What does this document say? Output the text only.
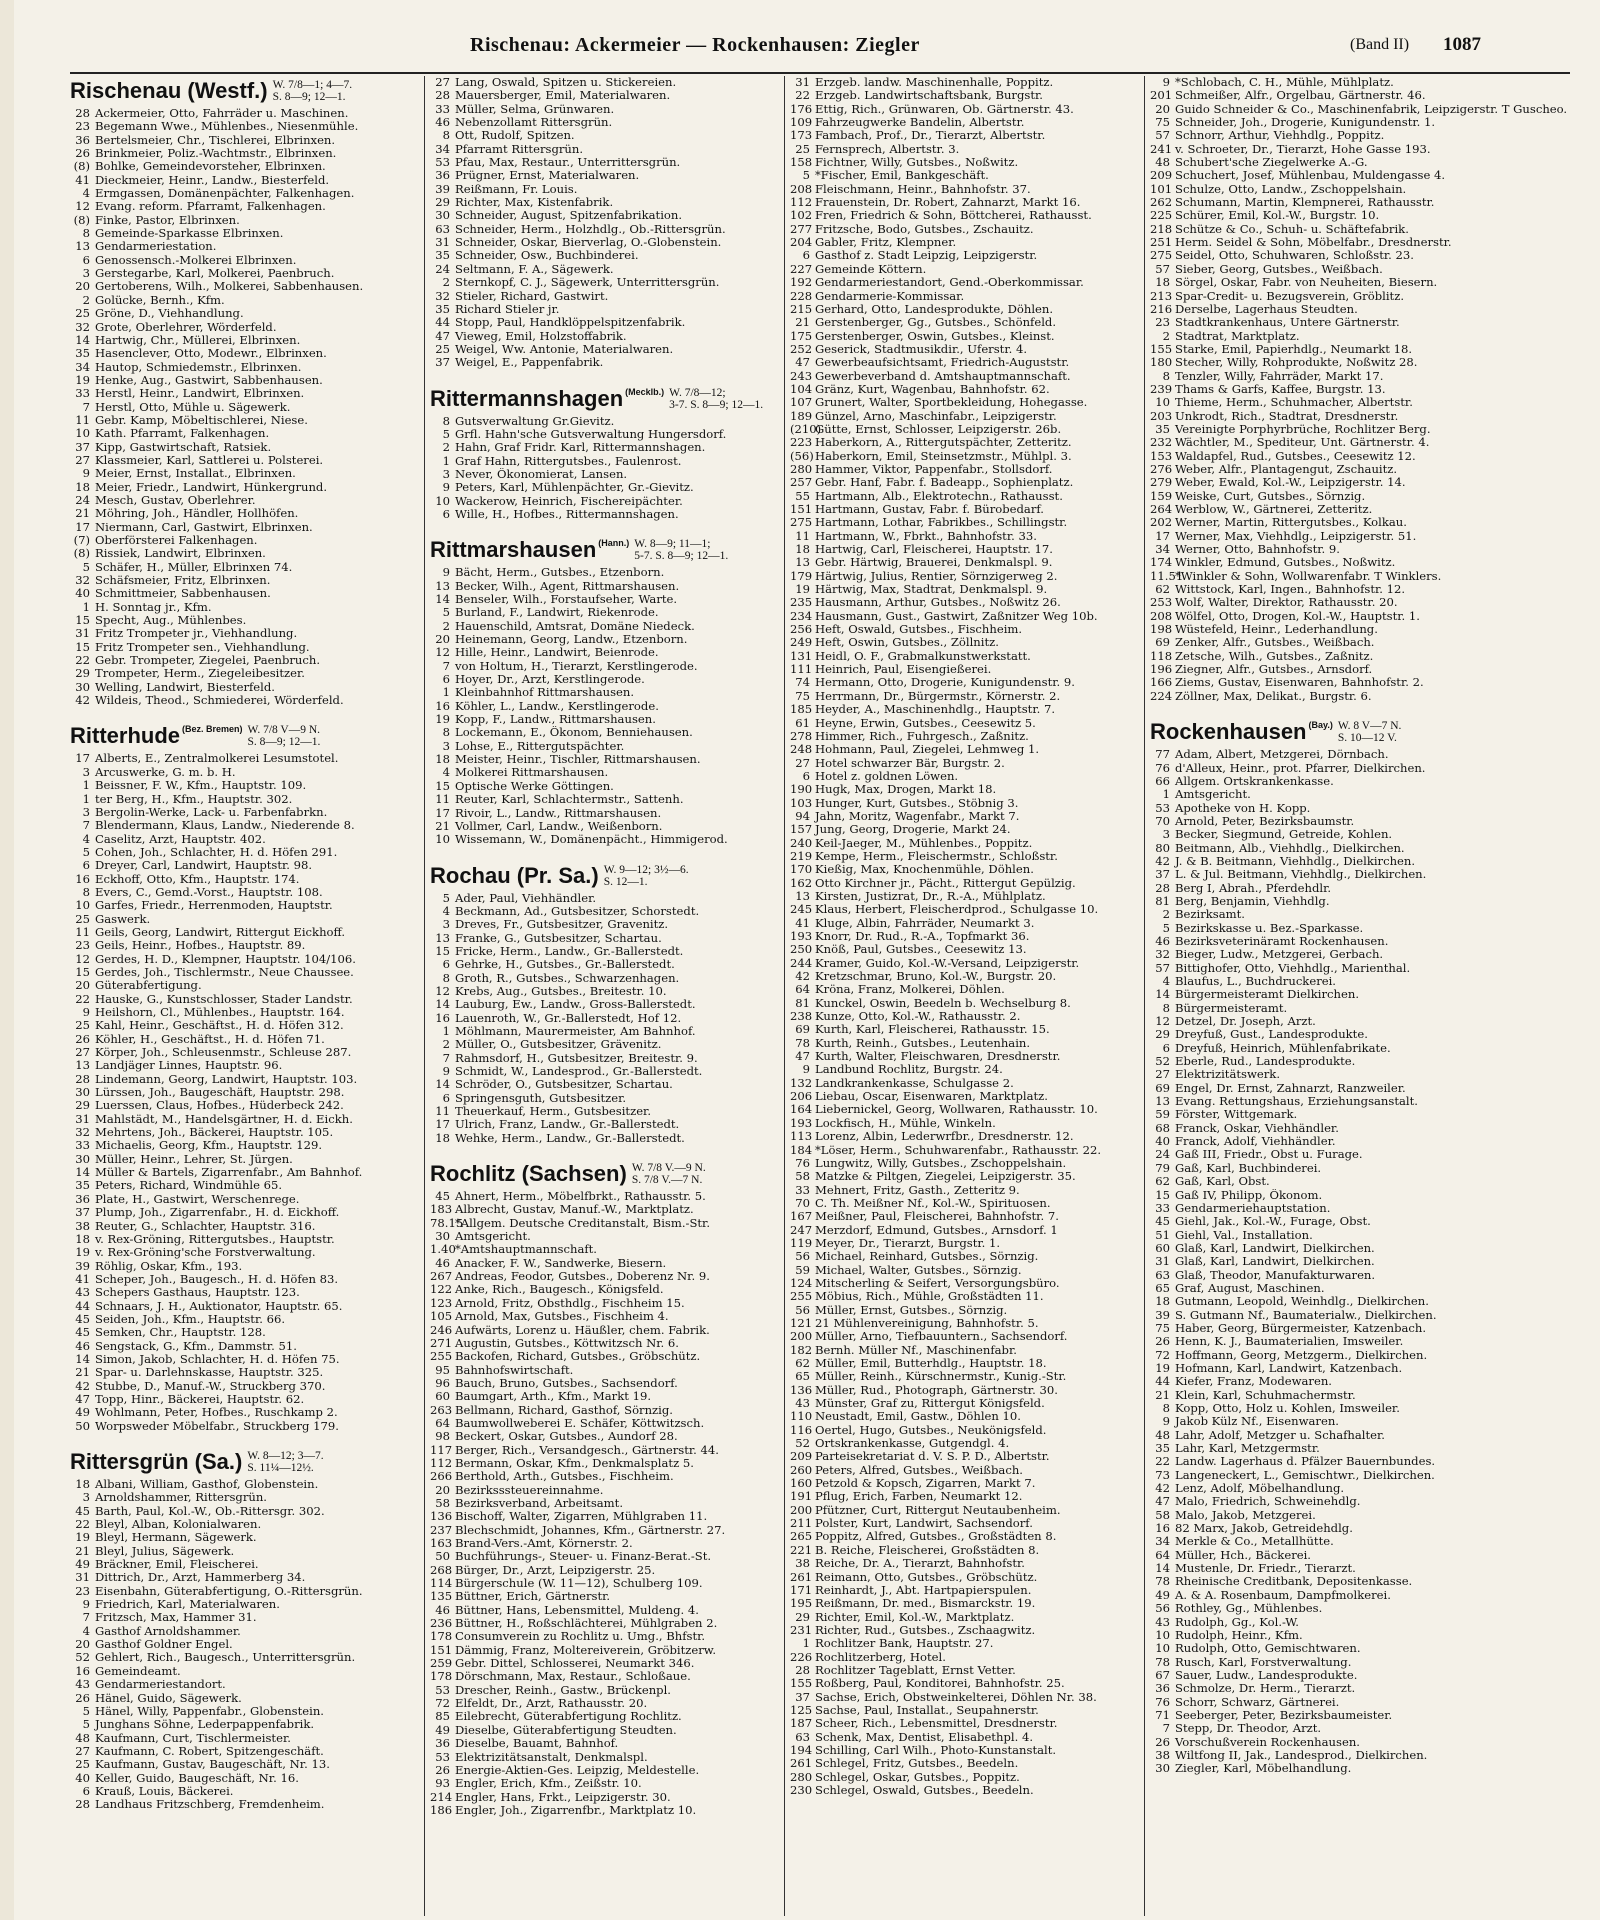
Rischenau: Ackermeier — Rockenhausen: Ziegler	(Band II) 1087
Rischenau (Westf.) W. 7/8—1; 4—7.
S. 8—9; 12—1.
28 Ackermeier, Otto, Fahrräder u. Maschinen.
23 Begemann Wwe., Mühlenbes., Niesenmühle.
36 Bertelsmeier, Chr., Tischlerei, Elbrinxen.
26 Brinkmeier, Poliz.-Wachtmstr., Elbrinxen.
(8) Bohlke, Gemeindevorsteher, Elbrinxen.
41 Dieckmeier, Heinr., Landw., Biesterfeld.
4 Ermgassen, Domänenpächter, Falkenhagen.
12 Evang. reform. Pfarramt, Falkenhagen.
(8) Finke, Pastor, Elbrinxen.
8 Gemeinde-Sparkasse Elbrinxen.
13 Gendarmeriestation.
6 Genossensch.-Molkerei Elbrinxen.
3 Gerstegarbe, Karl, Molkerei, Paenbruch.
20 Gertoberens, Wilh., Molkerei, Sabbenhausen.
2 Golücke, Bernh., Kfm.
25 Gröne, D., Viehhandlung.
32 Grote, Oberlehrer, Wörderfeld.
14 Hartwig, Chr., Müllerei, Elbrinxen.
35 Hasenclever, Otto, Modewr., Elbrinxen.
34 Hautop, Schmiedemstr., Elbrinxen.
19 Henke, Aug., Gastwirt, Sabbenhausen.
33 Herstl, Heinr., Landwirt, Elbrinxen.
7 Herstl, Otto, Mühle u. Sägewerk.
11 Gebr. Kamp, Möbeltischlerei, Niese.
10 Kath. Pfarramt, Falkenhagen.
37 Kipp, Gastwirtschaft, Ratsiek.
27 Klassmeier, Karl, Sattlerei u. Polsterei.
9 Meier, Ernst, Installat., Elbrinxen.
18 Meier, Friedr., Landwirt, Hünkergrund.
24 Mesch, Gustav, Oberlehrer.
21 Möhring, Joh., Händler, Hollhöfen.
17 Niermann, Carl, Gastwirt, Elbrinxen.
(7) Oberförsterei Falkenhagen.
(8) Rissiek, Landwirt, Elbrinxen.
5 Schäfer, H., Müller, Elbrinxen 74.
32 Schäfsmeier, Fritz, Elbrinxen.
40 Schmittmeier, Sabbenhausen.
1 H. Sonntag jr., Kfm.
15 Specht, Aug., Mühlenbes.
31 Fritz Trompeter jr., Viehhandlung.
15 Fritz Trompeter sen., Viehhandlung.
22 Gebr. Trompeter, Ziegelei, Paenbruch.
29 Trompeter, Herm., Ziegeleibesitzer.
30 Welling, Landwirt, Biesterfeld.
42 Wildeis, Theod., Schmiederei, Wörderfeld.
Ritterhude (Bez. Bremen) W. 7/8 V—9 N.
S. 8—9; 12—1.
17 Alberts, E., Zentralmolkerei Lesumstotel.
3 Arcuswerke, G. m. b. H.
1 Beissner, F. W., Kfm., Hauptstr. 109.
1 ter Berg, H., Kfm., Hauptstr. 302.
3 Bergolin-Werke, Lack- u. Farbenfabrkn.
7 Blendermann, Klaus, Landw., Niederende 8.
4 Caselitz, Arzt, Hauptstr. 402.
5 Cohen, Joh., Schlachter, H. d. Höfen 291.
6 Dreyer, Carl, Landwirt, Hauptstr. 98.
16 Eckhoff, Otto, Kfm., Hauptstr. 174.
8 Evers, C., Gemd.-Vorst., Hauptstr. 108.
10 Garfes, Friedr., Herrenmoden, Hauptstr.
25 Gaswerk.
11 Geils, Georg, Landwirt, Rittergut Eickhoff.
23 Geils, Heinr., Hofbes., Hauptstr. 89.
12 Gerdes, H. D., Klempner, Hauptstr. 104/106.
15 Gerdes, Joh., Tischlermstr., Neue Chaussee.
20 Güterabfertigung.
22 Hauske, G., Kunstschlosser, Stader Landstr.
9 Heilshorn, Cl., Mühlenbes., Hauptstr. 164.
25 Kahl, Heinr., Geschäftst., H. d. Höfen 312.
26 Köhler, H., Geschäftst., H. d. Höfen 71.
27 Körper, Joh., Schleusenmstr., Schleuse 287.
13 Landjäger Linnes, Hauptstr. 96.
28 Lindemann, Georg, Landwirt, Hauptstr. 103.
30 Lürssen, Joh., Baugeschäft, Hauptstr. 298.
29 Luerssen, Claus, Hofbes., Hüderbeck 242.
31 Mahlstädt, M., Handelsgärtner, H. d. Eickh.
32 Mehrtens, Joh., Bäckerei, Hauptstr. 105.
33 Michaelis, Georg, Kfm., Hauptstr. 129.
30 Müller, Heinr., Lehrer, St. Jürgen.
14 Müller & Bartels, Zigarrenfabr., Am Bahnhof.
35 Peters, Richard, Windmühle 65.
36 Plate, H., Gastwirt, Werschenrege.
37 Plump, Joh., Zigarrenfabr., H. d. Eickhoff.
38 Reuter, G., Schlachter, Hauptstr. 316.
18 v. Rex-Gröning, Rittergutsbes., Hauptstr.
19 v. Rex-Gröning'sche Forstverwaltung.
39 Röhlig, Oskar, Kfm., 193.
41 Scheper, Joh., Baugesch., H. d. Höfen 83.
43 Schepers Gasthaus, Hauptstr. 123.
44 Schnaars, J. H., Auktionator, Hauptstr. 65.
45 Seiden, Joh., Kfm., Hauptstr. 66.
45 Semken, Chr., Hauptstr. 128.
46 Sengstack, G., Kfm., Dammstr. 51.
14 Simon, Jakob, Schlachter, H. d. Höfen 75.
21 Spar- u. Darlehnskasse, Hauptstr. 325.
42 Stubbe, D., Manuf.-W., Struckberg 370.
47 Topp, Hinr., Bäckerei, Hauptstr. 62.
49 Wohlmann, Peter, Hofbes., Ruschkamp 2.
50 Worpsweder Möbelfabr., Struckberg 179.
Rittersgrün (Sa.) W. 8—12; 3—7.
S. 11¼—12½.
18 Albani, William, Gasthof, Globenstein.
3 Arnoldshammer, Rittersgrün.
45 Barth, Paul, Kol.-W., Ob.-Rittersgr. 302.
22 Bleyl, Alban, Kolonialwaren.
19 Bleyl, Hermann, Sägewerk.
21 Bleyl, Julius, Sägewerk.
49 Bräckner, Emil, Fleischerei.
31 Dittrich, Dr., Arzt, Hammerberg 34.
23 Eisenbahn, Güterabfertigung, O.-Rittersgrün.
9 Friedrich, Karl, Materialwaren.
7 Fritzsch, Max, Hammer 31.
4 Gasthof Arnoldshammer.
20 Gasthof Goldner Engel.
52 Gehlert, Rich., Baugesch., Unterrittersgrün.
16 Gemeindeamt.
43 Gendarmeriestandort.
26 Hänel, Guido, Sägewerk.
5 Hänel, Willy, Pappenfabr., Globenstein.
5 Junghans Söhne, Lederpappenfabrik.
48 Kaufmann, Curt, Tischlermeister.
27 Kaufmann, C. Robert, Spitzengeschäft.
25 Kaufmann, Gustav, Baugeschäft, Nr. 13.
40 Keller, Guido, Baugeschäft, Nr. 16.
6 Krauß, Louis, Bäckerei.
28 Landhaus Fritzschberg, Fremdenheim.
27 Lang, Oswald, Spitzen u. Stickereien.
28 Mauersberger, Emil, Materialwaren.
33 Müller, Selma, Grünwaren.
46 Nebenzollamt Rittersgrün.
8 Ott, Rudolf, Spitzen.
34 Pfarramt Rittersgrün.
53 Pfau, Max, Restaur., Unterrittersgrün.
36 Prügner, Ernst, Materialwaren.
39 Reißmann, Fr. Louis.
29 Richter, Max, Kistenfabrik.
30 Schneider, August, Spitzenfabrikation.
63 Schneider, Herm., Holzhdlg., Ob.-Rittersgrün.
31 Schneider, Oskar, Bierverlag, O.-Globenstein.
35 Schneider, Osw., Buchbinderei.
24 Seltmann, F. A., Sägewerk.
2 Sternkopf, C. J., Sägewerk, Unterrittersgrün.
32 Stieler, Richard, Gastwirt.
35 Richard Stieler jr.
44 Stopp, Paul, Handklöppelspitzenfabrik.
47 Vieweg, Emil, Holzstoffabrik.
25 Weigel, Ww. Antonie, Materialwaren.
37 Weigel, E., Pappenfabrik.
Rittermannshagen (Mecklb.) W. 7/8—12;
3-7. S. 8—9; 12—1.
8 Gutsverwaltung Gr.Gievitz.
5 Grfl. Hahn'sche Gutsverwaltung Hungersdorf.
2 Hahn, Graf Fridr. Karl, Rittermannshagen.
1 Graf Hahn, Rittergutsbes., Faulenrost.
3 Never, Ökonomierat, Lansen.
9 Peters, Karl, Mühlenpächter, Gr.-Gievitz.
10 Wackerow, Heinrich, Fischereipächter.
6 Wille, H., Hofbes., Rittermannshagen.
Rittmarshausen (Hann.) W. 8—9; 11—1;
5-7. S. 8—9; 12—1.
9 Bächt, Herm., Gutsbes., Etzenborn.
13 Becker, Wilh., Agent, Rittmarshausen.
14 Benseler, Wilh., Forstaufseher, Warte.
5 Burland, F., Landwirt, Riekenrode.
2 Hauenschild, Amtsrat, Domäne Niedeck.
20 Heinemann, Georg, Landw., Etzenborn.
12 Hille, Heinr., Landwirt, Beienrode.
7 von Holtum, H., Tierarzt, Kerstlingerode.
6 Hoyer, Dr., Arzt, Kerstlingerode.
1 Kleinbahnhof Rittmarshausen.
16 Köhler, L., Landw., Kerstlingerode.
19 Kopp, F., Landw., Rittmarshausen.
8 Lockemann, E., Ökonom, Benniehausen.
3 Lohse, E., Rittergutspächter.
18 Meister, Heinr., Tischler, Rittmarshausen.
4 Molkerei Rittmarshausen.
15 Optische Werke Göttingen.
11 Reuter, Karl, Schlachtermstr., Sattenh.
17 Rivoir, L., Landw., Rittmarshausen.
21 Vollmer, Carl, Landw., Weißenborn.
10 Wissemann, W., Domänenpächt., Himmigerod.
Rochau (Pr. Sa.) W. 9—12; 3½—6.
S. 12—1.
5 Ader, Paul, Viehhändler.
4 Beckmann, Ad., Gutsbesitzer, Schorstedt.
3 Dreves, Fr., Gutsbesitzer, Gravenitz.
13 Franke, G., Gutsbesitzer, Schartau.
15 Fricke, Herm., Landw., Gr.-Ballerstedt.
6 Gehrke, H., Gutsbes., Gr.-Ballerstedt.
8 Groth, R., Gutsbes., Schwarzenhagen.
12 Krebs, Aug., Gutsbes., Breitestr. 10.
14 Lauburg, Ew., Landw., Gross-Ballerstedt.
16 Lauenroth, W., Gr.-Ballerstedt, Hof 12.
1 Möhlmann, Maurermeister, Am Bahnhof.
2 Müller, O., Gutsbesitzer, Grävenitz.
7 Rahmsdorf, H., Gutsbesitzer, Breitestr. 9.
9 Schmidt, W., Landesprod., Gr.-Ballerstedt.
14 Schröder, O., Gutsbesitzer, Schartau.
6 Springensguth, Gutsbesitzer.
11 Theuerkauf, Herm., Gutsbesitzer.
17 Ulrich, Franz, Landw., Gr.-Ballerstedt.
18 Wehke, Herm., Landw., Gr.-Ballerstedt.
Rochlitz (Sachsen) W. 7/8 V.—9 N.
S. 7/8 V.—7 N.
45 Ahnert, Herm., Möbelfbrkt., Rathausstr. 5.
183 Albrecht, Gustav, Manuf.-W., Marktplatz.
78.15*Allgem. Deutsche Creditanstalt, Bism.-Str.
30 Amtsgericht.
1.40*Amtshauptmannschaft.
46 Anacker, F. W., Sandwerke, Biesern.
267 Andreas, Feodor, Gutsbes., Doberenz Nr. 9.
122 Anke, Rich., Baugesch., Königsfeld.
123 Arnold, Fritz, Obsthdlg., Fischheim 15.
105 Arnold, Max, Gutsbes., Fischheim 4.
246 Aufwärts, Lorenz u. Häußler, chem. Fabrik.
271 Augustin, Gutsbes., Köttwitzsch Nr. 6.
255 Backofen, Richard, Gutsbes., Gröbschütz.
95 Bahnhofswirtschaft.
96 Bauch, Bruno, Gutsbes., Sachsendorf.
60 Baumgart, Arth., Kfm., Markt 19.
263 Bellmann, Richard, Gasthof, Sörnzig.
64 Baumwollweberei E. Schäfer, Köttwitzsch.
98 Beckert, Oskar, Gutsbes., Aundorf 28.
117 Berger, Rich., Versandgesch., Gärtnerstr. 44.
112 Bermann, Oskar, Kfm., Denkmalsplatz 5.
266 Berthold, Arth., Gutsbes., Fischheim.
20 Bezirksssteuereinnahme.
58 Bezirksverband, Arbeitsamt.
136 Bischoff, Walter, Zigarren, Mühlgraben 11.
237 Blechschmidt, Johannes, Kfm., Gärtnerstr. 27.
163 Brand-Vers.-Amt, Körnerstr. 2.
50 Buchführungs-, Steuer- u. Finanz-Berat.-St.
268 Bürger, Dr., Arzt, Leipzigerstr. 25.
114 Bürgerschule (W. 11—12), Schulberg 109.
135 Büttner, Erich, Gärtnerstr.
46 Büttner, Hans, Lebensmittel, Muldeng. 4.
236 Büttner, H., Roßschlächterei, Mühlgraben 2.
178 Consumverein zu Rochlitz u. Umg., Bhfstr.
151 Dämmig, Franz, Moltereiverein, Gröbitzerw.
259 Gebr. Dittel, Schlosserei, Neumarkt 346.
178 Dörschmann, Max, Restaur., Schloßaue.
53 Drescher, Reinh., Gastw., Brückenpl.
72 Elfeldt, Dr., Arzt, Rathausstr. 20.
85 Eilebrecht, Güterabfertigung Rochlitz.
49 Dieselbe, Güterabfertigung Steudten.
36 Dieselbe, Bauamt, Bahnhof.
53 Elektrizitätsanstalt, Denkmalspl.
26 Energie-Aktien-Ges. Leipzig, Meldestelle.
93 Engler, Erich, Kfm., Zeißstr. 10.
214 Engler, Hans, Frkt., Leipzigerstr. 30.
186 Engler, Joh., Zigarrenfbr., Marktplatz 10.
31 Erzgeb. landw. Maschinenhalle, Poppitz.
22 Erzgeb. Landwirtschaftsbank, Burgstr.
176 Ettig, Rich., Grünwaren, Ob. Gärtnerstr. 43.
109 Fahrzeugwerke Bandelin, Albertstr.
173 Fambach, Prof., Dr., Tierarzt, Albertstr.
25 Fernsprech, Albertstr. 3.
158 Fichtner, Willy, Gutsbes., Noßwitz.
5 *Fischer, Emil, Bankgeschäft.
208 Fleischmann, Heinr., Bahnhofstr. 37.
112 Frauenstein, Dr. Robert, Zahnarzt, Markt 16.
102 Fren, Friedrich & Sohn, Böttcherei, Rathausst.
277 Fritzsche, Bodo, Gutsbes., Zschauitz.
204 Gabler, Fritz, Klempner.
6 Gasthof z. Stadt Leipzig, Leipzigerstr.
227 Gemeinde Köttern.
192 Gendarmeriestandort, Gend.-Oberkommissar.
228 Gendarmerie-Kommissar.
215 Gerhard, Otto, Landesprodukte, Döhlen.
21 Gerstenberger, Gg., Gutsbes., Schönfeld.
175 Gerstenberger, Oswin, Gutsbes., Kleinst.
252 Geserick, Stadtmusikdir., Uferstr. 4.
47 Gewerbeaufsichtsamt, Friedrich-Auguststr.
243 Gewerbeverband d. Amtshauptmannschaft.
104 Gränz, Kurt, Wagenbau, Bahnhofstr. 62.
107 Grunert, Walter, Sportbekleidung, Hohegasse.
189 Günzel, Arno, Maschinfabr., Leipzigerstr.
(210)Gütte, Ernst, Schlosser, Leipzigerstr. 26b.
223 Haberkorn, A., Rittergutspächter, Zetteritz.
(56)Haberkorn, Emil, Steinsetzmstr., Mühlpl. 3.
280 Hammer, Viktor, Pappenfabr., Stollsdorf.
257 Gebr. Hanf, Fabr. f. Badeapp., Sophienplatz.
55 Hartmann, Alb., Elektrotechn., Rathausst.
151 Hartmann, Gustav, Fabr. f. Bürobedarf.
275 Hartmann, Lothar, Fabrikbes., Schillingstr.
11 Hartmann, W., Fbrkt., Bahnhofstr. 33.
18 Hartwig, Carl, Fleischerei, Hauptstr. 17.
13 Gebr. Härtwig, Brauerei, Denkmalspl. 9.
179 Härtwig, Julius, Rentier, Sörnzigerweg 2.
19 Härtwig, Max, Stadtrat, Denkmalspl. 9.
235 Hausmann, Arthur, Gutsbes., Noßwitz 26.
234 Hausmann, Gust., Gastwirt, Zaßnitzer Weg 10b.
256 Heft, Oswald, Gutsbes., Fischheim.
249 Heft, Oswin, Gutsbes., Zöllnitz.
131 Heidl, O. F., Grabmalkunstwerkstatt.
111 Heinrich, Paul, Eisengießerei.
74 Hermann, Otto, Drogerie, Kunigundenstr. 9.
75 Herrmann, Dr., Bürgermstr., Körnerstr. 2.
185 Heyder, A., Maschinenhdlg., Hauptstr. 7.
61 Heyne, Erwin, Gutsbes., Ceesewitz 5.
278 Himmer, Rich., Fuhrgesch., Zaßnitz.
248 Hohmann, Paul, Ziegelei, Lehmweg 1.
27 Hotel schwarzer Bär, Burgstr. 2.
6 Hotel z. goldnen Löwen.
190 Hugk, Max, Drogen, Markt 18.
103 Hunger, Kurt, Gutsbes., Stöbnig 3.
94 Jahn, Moritz, Wagenfabr., Markt 7.
157 Jung, Georg, Drogerie, Markt 24.
240 Keil-Jaeger, M., Mühlenbes., Poppitz.
219 Kempe, Herm., Fleischermstr., Schloßstr.
170 Kießig, Max, Knochenmühle, Döhlen.
162 Otto Kirchner jr., Pächt., Rittergut Gepülzig.
13 Kirsten, Justizrat, Dr., R.-A., Mühlplatz.
245 Klaus, Herbert, Fleischerdprod., Schulgasse 10.
41 Kluge, Albin, Fahrräder, Neumarkt 3.
193 Knorr, Dr. Rud., R.-A., Topfmarkt 36.
250 Knöß, Paul, Gutsbes., Ceesewitz 13.
244 Kramer, Guido, Kol.-W.-Versand, Leipzigerstr.
42 Kretzschmar, Bruno, Kol.-W., Burgstr. 20.
64 Kröna, Franz, Molkerei, Döhlen.
81 Kunckel, Oswin, Beedeln b. Wechselburg 8.
238 Kunze, Otto, Kol.-W., Rathausstr. 2.
69 Kurth, Karl, Fleischerei, Rathausstr. 15.
78 Kurth, Reinh., Gutsbes., Leutenhain.
47 Kurth, Walter, Fleischwaren, Dresdnerstr.
9 Landbund Rochlitz, Burgstr. 24.
132 Landkrankenkasse, Schulgasse 2.
206 Liebau, Oscar, Eisenwaren, Marktplatz.
164 Liebernickel, Georg, Wollwaren, Rathausstr. 10.
193 Lockfisch, H., Mühle, Winkeln.
113 Lorenz, Albin, Lederwrfbr., Dresdnerstr. 12.
184 *Löser, Herm., Schuhwarenfabr., Rathausstr. 22.
76 Lungwitz, Willy, Gutsbes., Zschoppelshain.
58 Matzke & Piltgen, Ziegelei, Leipzigerstr. 35.
33 Mehnert, Fritz, Gasth., Zetteritz 9.
70 C. Th. Meißner Nf., Kol.-W., Spirituosen.
167 Meißner, Paul, Fleischerei, Bahnhofstr. 7.
247 Merzdorf, Edmund, Gutsbes., Arnsdorf. 1
119 Meyer, Dr., Tierarzt, Burgstr. 1.
56 Michael, Reinhard, Gutsbes., Sörnzig.
59 Michael, Walter, Gutsbes., Sörnzig.
124 Mitscherling & Seifert, Versorgungsbüro.
255 Möbius, Rich., Mühle, Großstädten 11.
56 Müller, Ernst, Gutsbes., Sörnzig.
121 21 Mühlenvereinigung, Bahnhofstr. 5.
200 Müller, Arno, Tiefbauuntern., Sachsendorf.
182 Bernh. Müller Nf., Maschinenfabr.
62 Müller, Emil, Butterhdlg., Hauptstr. 18.
65 Müller, Reinh., Kürschnermstr., Kunig.-Str.
136 Müller, Rud., Photograph, Gärtnerstr. 30.
43 Münster, Graf zu, Rittergut Königsfeld.
110 Neustadt, Emil, Gastw., Döhlen 10.
116 Oertel, Hugo, Gutsbes., Neukönigsfeld.
52 Ortskrankenkasse, Gutgendgl. 4.
209 Parteisekretariat d. V. S. P. D., Albertstr.
260 Peters, Alfred, Gutsbes., Weißbach.
160 Petzold & Kopsch, Zigarren, Markt 7.
191 Pflug, Erich, Farben, Neumarkt 12.
200 Pfützner, Curt, Rittergut Neutaubenheim.
211 Polster, Kurt, Landwirt, Sachsendorf.
265 Poppitz, Alfred, Gutsbes., Großstädten 8.
221 B. Reiche, Fleischerei, Großstädten 8.
38 Reiche, Dr. A., Tierarzt, Bahnhofstr.
261 Reimann, Otto, Gutsbes., Gröbschütz.
171 Reinhardt, J., Abt. Hartpapierspulen.
195 Reißmann, Dr. med., Bismarckstr. 19.
29 Richter, Emil, Kol.-W., Marktplatz.
231 Richter, Rud., Gutsbes., Zschaagwitz.
1 Rochlitzer Bank, Hauptstr. 27.
226 Rochlitzerberg, Hotel.
28 Rochlitzer Tageblatt, Ernst Vetter.
155 Roßberg, Paul, Konditorei, Bahnhofstr. 25.
37 Sachse, Erich, Obstweinkelterei, Döhlen Nr. 38.
125 Sachse, Paul, Installat., Seupahnerstr.
187 Scheer, Rich., Lebensmittel, Dresdnerstr.
63 Schenk, Max, Dentist, Elisabethpl. 4.
194 Schilling, Carl Wilh., Photo-Kunstanstalt.
261 Schlegel, Fritz, Gutsbes., Beedeln.
280 Schlegel, Oskar, Gutsbes., Poppitz.
230 Schlegel, Oswald, Gutsbes., Beedeln.
9 *Schlobach, C. H., Mühle, Mühlplatz.
201 Schmeißer, Alfr., Orgelbau, Gärtnerstr. 46.
20 Guido Schneider & Co., Maschinenfabrik, Leipzigerstr. T Guscheo.
75 Schneider, Joh., Drogerie, Kunigundenstr. 1.
57 Schnorr, Arthur, Viehhdlg., Poppitz.
241 v. Schroeter, Dr., Tierarzt, Hohe Gasse 193.
48 Schubert'sche Ziegelwerke A.-G.
209 Schuchert, Josef, Mühlenbau, Muldengasse 4.
101 Schulze, Otto, Landw., Zschoppelshain.
262 Schumann, Martin, Klempnerei, Rathausstr.
225 Schürer, Emil, Kol.-W., Burgstr. 10.
218 Schütze & Co., Schuh- u. Schäftefabrik.
251 Herm. Seidel & Sohn, Möbelfabr., Dresdnerstr.
275 Seidel, Otto, Schuhwaren, Schloßstr. 23.
57 Sieber, Georg, Gutsbes., Weißbach.
18 Sörgel, Oskar, Fabr. von Neuheiten, Biesern.
213 Spar-Credit- u. Bezugsverein, Gröblitz.
216 Derselbe, Lagerhaus Steudten.
23 Stadtkrankenhaus, Untere Gärtnerstr.
2 Stadtrat, Marktplatz.
155 Starke, Emil, Papierhdlg., Neumarkt 18.
180 Stecher, Willy, Rohprodukte, Noßwitz 28.
8 Tenzler, Willy, Fahrräder, Markt 17.
239 Thams & Garfs, Kaffee, Burgstr. 13.
10 Thieme, Herm., Schuhmacher, Albertstr.
203 Unkrodt, Rich., Stadtrat, Dresdnerstr.
35 Vereinigte Porphyrbrüche, Rochlitzer Berg.
232 Wächtler, M., Spediteur, Unt. Gärtnerstr. 4.
153 Waldapfel, Rud., Gutsbes., Ceesewitz 12.
276 Weber, Alfr., Plantagengut, Zschauitz.
279 Weber, Ewald, Kol.-W., Leipzigerstr. 14.
159 Weiske, Curt, Gutsbes., Sörnzig.
264 Werblow, W., Gärtnerei, Zetteritz.
202 Werner, Martin, Rittergutsbes., Kolkau.
17 Werner, Max, Viehhdlg., Leipzigerstr. 51.
34 Werner, Otto, Bahnhofstr. 9.
174 Winkler, Edmund, Gutsbes., Noßwitz.
11.51*Winkler & Sohn, Wollwarenfabr. T Winklers.
62 Wittstock, Karl, Ingen., Bahnhofstr. 12.
253 Wolf, Walter, Direktor, Rathausstr. 20.
208 Wölfel, Otto, Drogen, Kol.-W., Hauptstr. 1.
198 Wüstefeld, Heinr., Lederhandlung.
69 Zenker, Alfr., Gutsbes., Weißbach.
118 Zetsche, Wilh., Gutsbes., Zaßnitz.
196 Ziegner, Alfr., Gutsbes., Arnsdorf.
166 Ziems, Gustav, Eisenwaren, Bahnhofstr. 2.
224 Zöllner, Max, Delikat., Burgstr. 6.
Rockenhausen (Bay.) W. 8 V—7 N.
S. 10—12 V.
77 Adam, Albert, Metzgerei, Dörnbach.
76 d'Alleux, Heinr., prot. Pfarrer, Dielkirchen.
66 Allgem. Ortskrankenkasse.
1 Amtsgericht.
53 Apotheke von H. Kopp.
70 Arnold, Peter, Bezirksbaumstr.
3 Becker, Siegmund, Getreide, Kohlen.
80 Beitmann, Alb., Viehhdlg., Dielkirchen.
42 J. & B. Beitmann, Viehhdlg., Dielkirchen.
37 L. & Jul. Beitmann, Viehhdlg., Dielkirchen.
28 Berg I, Abrah., Pferdehdlr.
81 Berg, Benjamin, Viehhdlg.
2 Bezirksamt.
5 Bezirkskasse u. Bez.-Sparkasse.
46 Bezirksveterinäramt Rockenhausen.
32 Bieger, Ludw., Metzgerei, Gerbach.
57 Bittighofer, Otto, Viehhdlg., Marienthal.
4 Blaufus, L., Buchdruckerei.
14 Bürgermeisteramt Dielkirchen.
8 Bürgermeisteramt.
12 Detzel, Dr. Joseph, Arzt.
29 Dreyfuß, Gust., Landesprodukte.
6 Dreyfuß, Heinrich, Mühlenfabrikate.
52 Eberle, Rud., Landesprodukte.
27 Elektrizitätswerk.
69 Engel, Dr. Ernst, Zahnarzt, Ranzweiler.
13 Evang. Rettungshaus, Erziehungsanstalt.
59 Förster, Wittgemark.
68 Franck, Oskar, Viehhändler.
40 Franck, Adolf, Viehhändler.
24 Gaß III, Friedr., Obst u. Furage.
79 Gaß, Karl, Buchbinderei.
62 Gaß, Karl, Obst.
15 Gaß IV, Philipp, Ökonom.
33 Gendarmeriehauptstation.
45 Giehl, Jak., Kol.-W., Furage, Obst.
51 Giehl, Val., Installation.
60 Glaß, Karl, Landwirt, Dielkirchen.
31 Glaß, Karl, Landwirt, Dielkirchen.
63 Glaß, Theodor, Manufakturwaren.
65 Graf, August, Maschinen.
18 Gutmann, Leopold, Weinhdlg., Dielkirchen.
39 S. Gutmann Nf., Baumaterialw., Dielkirchen.
75 Haber, Georg, Bürgermeister, Katzenbach.
26 Henn, K. J., Baumaterialien, Imsweiler.
72 Hoffmann, Georg, Metzgerm., Dielkirchen.
19 Hofmann, Karl, Landwirt, Katzenbach.
44 Kiefer, Franz, Modewaren.
21 Klein, Karl, Schuhmachermstr.
8 Kopp, Otto, Holz u. Kohlen, Imsweiler.
9 Jakob Külz Nf., Eisenwaren.
48 Lahr, Adolf, Metzger u. Schafhalter.
35 Lahr, Karl, Metzgermstr.
22 Landw. Lagerhaus d. Pfälzer Bauernbundes.
73 Langeneckert, L., Gemischtwr., Dielkirchen.
42 Lenz, Adolf, Möbelhandlung.
47 Malo, Friedrich, Schweinehdlg.
58 Malo, Jakob, Metzgerei.
16 82 Marx, Jakob, Getreidehdlg.
34 Merkle & Co., Metallhütte.
64 Müller, Hch., Bäckerei.
14 Mustenle, Dr. Friedr., Tierarzt.
78 Rheinische Creditbank, Depositenkasse.
49 A. & A. Rosenbaum, Dampfmolkerei.
56 Rothley, Gg., Mühlenbes.
43 Rudolph, Gg., Kol.-W.
10 Rudolph, Heinr., Kfm.
10 Rudolph, Otto, Gemischtwaren.
78 Rusch, Karl, Forstverwaltung.
67 Sauer, Ludw., Landesprodukte.
36 Schmolze, Dr. Herm., Tierarzt.
76 Schorr, Schwarz, Gärtnerei.
71 Seeberger, Peter, Bezirksbaumeister.
7 Stepp, Dr. Theodor, Arzt.
26 Vorschußverein Rockenhausen.
38 Wiltfong II, Jak., Landesprod., Dielkirchen.
30 Ziegler, Karl, Möbelhandlung.
